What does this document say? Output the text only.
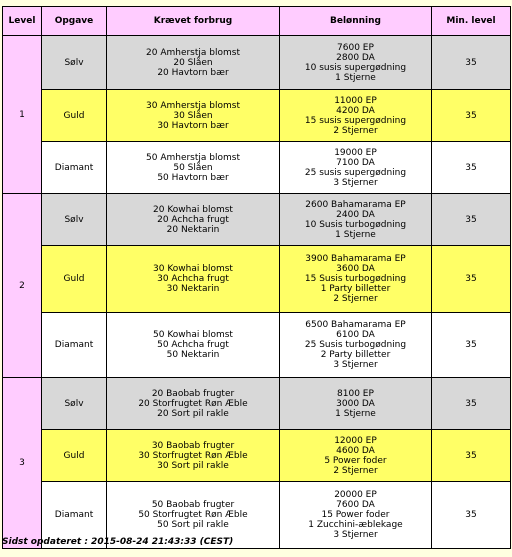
Level	Opgave	Krævet forbrug	Belønning	Min. level
1	Sølv	20 Amherstja blomst
20 Slåen
20 Havtorn bær	7600 EP
2800 DA
10 susis supergødning
1 Stjerne	35
	Guld	30 Amherstja blomst
30 Slåen
30 Havtorn bær	11000 EP
4200 DA
15 susis supergødning
2 Stjerner	35
	Diamant	50 Amherstja blomst
50 Slåen
50 Havtorn bær	19000 EP
7100 DA
25 susis supergødning
3 Stjerner	35
2	Sølv	20 Kowhai blomst
20 Achcha frugt
20 Nektarin	2600 Bahamarama EP
2400 DA
10 Susis turbogødning
1 Stjerne	35
	Guld	30 Kowhai blomst
30 Achcha frugt
30 Nektarin	3900 Bahamarama EP
3600 DA
15 Susis turbogødning
1 Party billetter
2 Stjerner	35
	Diamant	50 Kowhai blomst
50 Achcha frugt
50 Nektarin	6500 Bahamarama EP
6100 DA
25 Susis turbogødning
2 Party billetter
3 Stjerner	35
3	Sølv	20 Baobab frugter
20 Storfrugtet Røn Æble
20 Sort pil rakle	8100 EP
3000 DA
1 Stjerne	35
	Guld	30 Baobab frugter
30 Storfrugtet Røn Æble
30 Sort pil rakle	12000 EP
4600 DA
5 Power foder
2 Stjerner	35
	Diamant	50 Baobab frugter
50 Storfrugtet Røn Æble
50 Sort pil rakle	20000 EP
7600 DA
15 Power foder
1 Zucchini-æblekage
3 Stjerner	35
Sidst opdateret : 2015-08-24 21:43:33 (CEST)
